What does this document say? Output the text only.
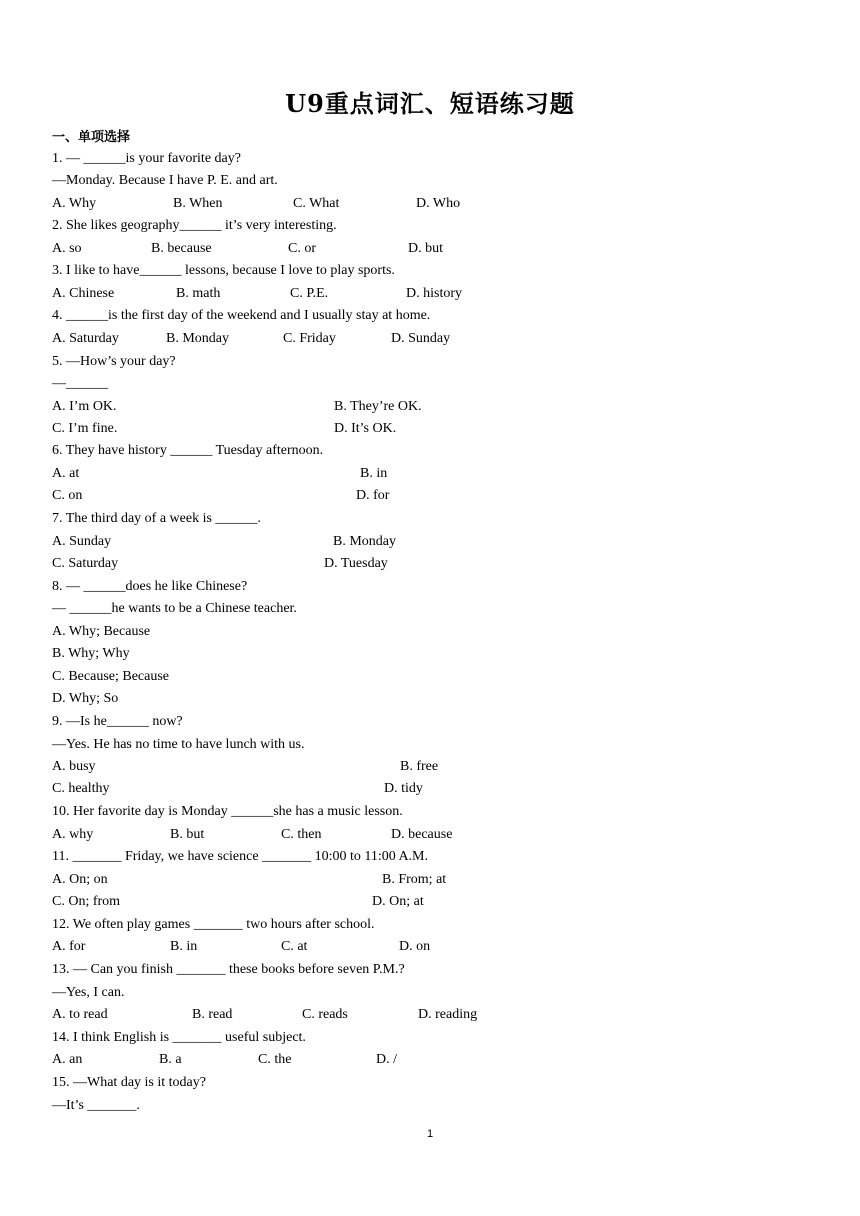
U9重点词汇、短语练习题
一、单项选择
1. — ______is your favorite day?
—Monday. Because I have P. E. and art.
A. Why	B. When	C. What	D. Who
2. She likes geography______ it’s very interesting.
A. so	B. because	C. or	D. but
3. I like to have______ lessons, because I love to play sports.
A. Chinese	B. math	C. P.E.	D. history
4. ______is the first day of the weekend and I usually stay at home.
A. Saturday	B. Monday	C. Friday	D. Sunday
5. —How’s your day?
—______
A. I’m OK.	B. They’re OK.
C. I’m fine.	D. It’s OK.
6. They have history ______ Tuesday afternoon.
A. at	B. in
C. on	D. for
7. The third day of a week is ______.
A. Sunday	B. Monday
C. Saturday	D. Tuesday
8. — ______does he like Chinese?
— ______he wants to be a Chinese teacher.
A. Why; Because
B. Why; Why
C. Because; Because
D. Why; So
9. —Is he______ now?
—Yes. He has no time to have lunch with us.
A. busy	B. free
C. healthy	D. tidy
10. Her favorite day is Monday ______she has a music lesson.
A. why	B. but	C. then	D. because
11. _______ Friday, we have science _______ 10:00 to 11:00 A.M.
A. On; on	B. From; at
C. On; from	D. On; at
12. We often play games _______ two hours after school.
A. for	B. in	C. at	D. on
13. — Can you finish _______ these books before seven P.M.?
—Yes, I can.
A. to read	B. read	C. reads	D. reading
14. I think English is _______ useful subject.
A. an	B. a	C. the	D. /
15. —What day is it today?
—It’s _______.
1
